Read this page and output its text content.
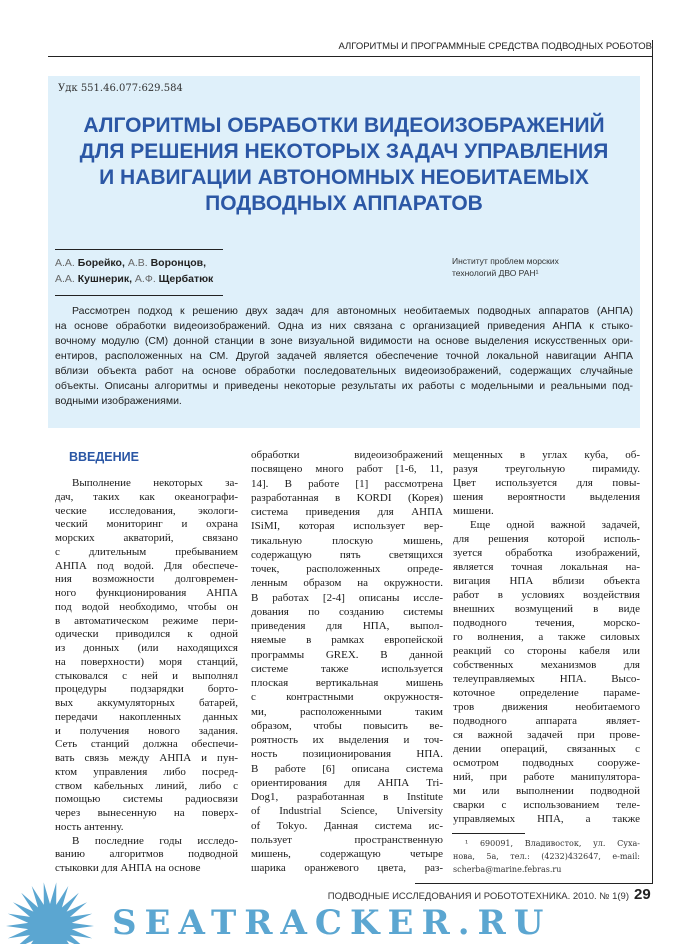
АЛГОРИТМЫ И ПРОГРАММНЫЕ СРЕДСТВА ПОДВОДНЫХ РОБОТОВ
Удк 551.46.077:629.584
АЛГОРИТМЫ ОБРАБОТКИ ВИДЕОИЗОБРАЖЕНИЙ
ДЛЯ РЕШЕНИЯ НЕКОТОРЫХ ЗАДАЧ УПРАВЛЕНИЯ
И НАВИГАЦИИ АВТОНОМНЫХ НЕОБИТАЕМЫХ
ПОДВОДНЫХ АППАРАТОВ
А.А. Борейко, А.В. Воронцов,
А.А. Кушнерик, А.Ф. Щербатюк
Институт проблем морских
технологий ДВО РАН¹
Рассмотрен подход к решению двух задач для автономных необитаемых подводных аппаратов (АНПА)
на основе обработки видеоизображений. Одна из них связана с организацией приведения АНПА к стыко-
вочному модулю (СМ) донной станции в зоне визуальной видимости на основе выделения искусственных ори-
ентиров, расположенных на СМ. Другой задачей является обеспечение точной локальной навигации АНПА
вблизи объекта работ на основе обработки последовательных видеоизображений, содержащих случайные
объекты. Описаны алгоритмы и приведены некоторые результаты их работы с модельными и реальными под-
водными изображениями.
ВВЕДЕНИЕ
Выполнение некоторых за-
дач, таких как океанографи-
ческие исследования, экологи-
ческий мониторинг и охрана
морских акваторий, связано
с длительным пребыванием
АНПА под водой. Для обеспече-
ния возможности долговремен-
ного функционирования АНПА
под водой необходимо, чтобы он
в автоматическом режиме пери-
одически приводился к одной
из донных (или находящихся
на поверхности) моря станций,
стыковался с ней и выполнял
процедуры подзарядки борто-
вых аккумуляторных батарей,
передачи накопленных данных
и получения нового задания.
Сеть станций должна обеспечи-
вать связь между АНПА и пун-
ктом управления либо посред-
ством кабельных линий, либо с
помощью системы радиосвязи
через вынесенную на поверх-
ность антенну.
В последние годы исследо-
ванию алгоритмов подводной
стыковки для АНПА на основе
обработки видеоизображений
посвящено много работ [1-6, 11,
14]. В работе [1] рассмотрена
разработанная в KORDI (Корея)
система приведения для АНПА
ISiMI, которая использует вер-
тикальную плоскую мишень,
содержащую пять светящихся
точек, расположенных опреде-
ленным образом на окружности.
В работах [2-4] описаны иссле-
дования по созданию системы
приведения для НПА, выпол-
няемые в рамках европейской
программы GREX. В данной
системе также используется
плоская вертикальная мишень
с контрастными окружностя-
ми, расположенными таким
образом, чтобы повысить ве-
роятность их выделения и точ-
ность позиционирования НПА.
В работе [6] описана система
ориентирования для АНПА Tri-
Dog1, разработанная в Institute
of Industrial Science, University
of Tokyo. Данная система ис-
пользует пространственную
мишень, содержащую четыре
шарика оранжевого цвета, раз-
мещенных в углах куба, об-
разуя треугольную пирамиду.
Цвет используется для повы-
шения вероятности выделения
мишени.
Еще одной важной задачей,
для решения которой исполь-
зуется обработка изображений,
является точная локальная на-
вигация НПА вблизи объекта
работ в условиях воздействия
внешних возмущений в виде
подводного течения, морско-
го волнения, а также силовых
реакций со стороны кабеля или
собственных механизмов для
телеуправляемых НПА. Высо-
коточное определение параме-
тров движения необитаемого
подводного аппарата являет-
ся важной задачей при прове-
дении операций, связанных с
осмотром подводных сооруже-
ний, при работе манипулятора-
ми или выполнении подводной
сварки с использованием теле-
управляемых НПА, а также
¹ 690091, Владивосток, ул. Суха-
нова, 5а, тел.: (4232)432647, e-mail:
scherba@marine.febras.ru
ПОДВОДНЫЕ ИССЛЕДОВАНИЯ И РОБОТОТЕХНИКА. 2010. № 1(9) 29
SEATRACKER.RU
